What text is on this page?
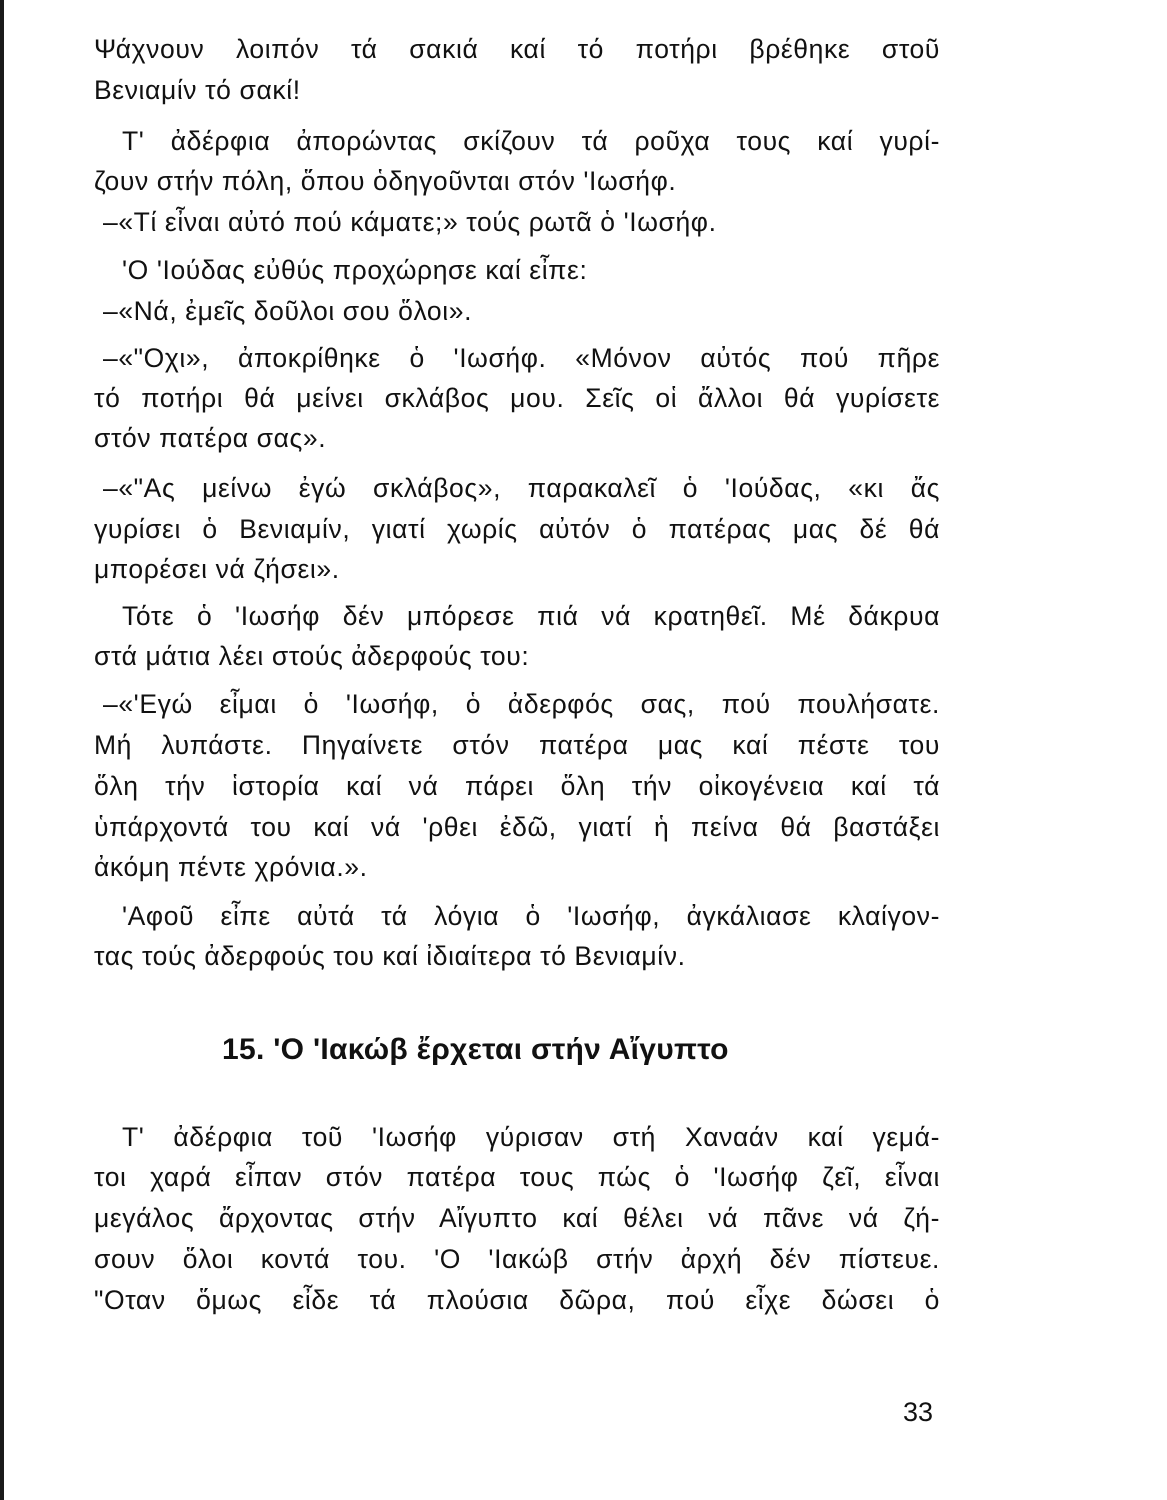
Ψάχνουν λοιπόν τά σακιά καί τό ποτήρι βρέθηκε στοῦ
Βενιαμίν τό σακί!
Τ' ἀδέρφια ἀπορώντας σκίζουν τά ροῦχα τους καί γυρί-
ζουν στήν πόλη, ὅπου ὁδηγοῦνται στόν 'Ιωσήφ.
–«Τί εἶναι αὐτό πού κάματε;» τούς ρωτᾶ ὁ 'Ιωσήφ.
'Ο 'Ιούδας εὐθύς προχώρησε καί εἶπε:
–«Νά, ἐμεῖς δοῦλοι σου ὅλοι».
–«"Οχι», ἀποκρίθηκε ὁ 'Ιωσήφ. «Μόνον αὐτός πού πῆρε
τό ποτήρι θά μείνει σκλάβος μου. Σεῖς οἱ ἄλλοι θά γυρίσετε
στόν πατέρα σας».
–«"Ας μείνω ἐγώ σκλάβος», παρακαλεῖ ὁ 'Ιούδας, «κι ἄς
γυρίσει ὁ Βενιαμίν, γιατί χωρίς αὐτόν ὁ πατέρας μας δέ θά
μπορέσει νά ζήσει».
Τότε ὁ 'Ιωσήφ δέν μπόρεσε πιά νά κρατηθεῖ. Μέ δάκρυα
στά μάτια λέει στούς ἀδερφούς του:
–«'Εγώ εἶμαι ὁ 'Ιωσήφ, ὁ ἀδερφός σας, πού πουλήσατε.
Μή λυπάστε. Πηγαίνετε στόν πατέρα μας καί πέστε του
ὅλη τήν ἱστορία καί νά πάρει ὅλη τήν οἰκογένεια καί τά
ὑπάρχοντά του καί νά 'ρθει ἐδῶ, γιατί ἡ πείνα θά βαστάξει
ἀκόμη πέντε χρόνια.».
'Αφοῦ εἶπε αὐτά τά λόγια ὁ 'Ιωσήφ, ἀγκάλιασε κλαίγον-
τας τούς ἀδερφούς του καί ἰδιαίτερα τό Βενιαμίν.
15. 'Ο 'Ιακώβ ἔρχεται στήν Αἴγυπτο
Τ' ἀδέρφια τοῦ 'Ιωσήφ γύρισαν στή Χαναάν καί γεμά-
τοι χαρά εἶπαν στόν πατέρα τους πώς ὁ 'Ιωσήφ ζεῖ, εἶναι
μεγάλος ἄρχοντας στήν Αἴγυπτο καί θέλει νά πᾶνε νά ζή-
σουν ὅλοι κοντά του. 'Ο 'Ιακώβ στήν ἀρχή δέν πίστευε.
"Οταν ὅμως εἶδε τά πλούσια δῶρα, πού εἶχε δώσει ὁ
33
